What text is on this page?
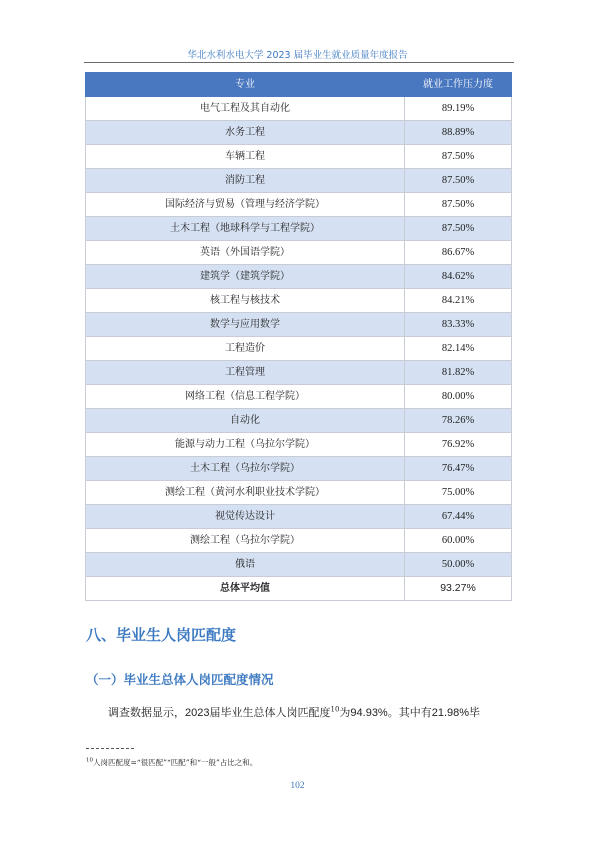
华北水利水电大学 2023 届毕业生就业质量年度报告
专业	就业工作压力度
电气工程及其自动化	89.19%
水务工程	88.89%
车辆工程	87.50%
消防工程	87.50%
国际经济与贸易（管理与经济学院）	87.50%
土木工程（地球科学与工程学院）	87.50%
英语（外国语学院）	86.67%
建筑学（建筑学院）	84.62%
核工程与核技术	84.21%
数学与应用数学	83.33%
工程造价	82.14%
工程管理	81.82%
网络工程（信息工程学院）	80.00%
自动化	78.26%
能源与动力工程（乌拉尔学院）	76.92%
土木工程（乌拉尔学院）	76.47%
测绘工程（黄河水利职业技术学院）	75.00%
视觉传达设计	67.44%
测绘工程（乌拉尔学院）	60.00%
俄语	50.00%
总体平均值	93.27%
八、毕业生人岗匹配度
（一）毕业生总体人岗匹配度情况

调查数据显示，2023届毕业生总体人岗匹配度$^{10}$为94.93%。其中有21.98%毕

$^{10}$人岗匹配度=“很匹配”“匹配”和“一般”占比之和。

102
